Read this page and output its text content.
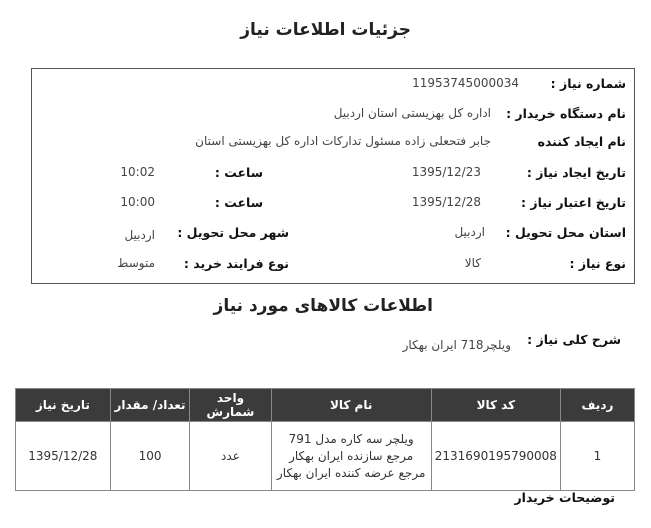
جزئیات اطلاعات نیاز
شماره نیاز :
1195374500003‌4
نام دستگاه خریدار :
اداره کل بهزیستی استان اردبیل
نام ایجاد کننده
جابر فتحعلی زاده مسئول تدارکات اداره کل بهزیستی استان
تاریخ ایجاد نیاز :
1395/12/23
ساعت :
10:02
تاریخ اعتبار نیاز :
1395/12/28
ساعت :
10:00
استان محل تحویل :
اردبیل
شهر محل تحویل :
اردبیل
نوع نیاز :
کالا
نوع فرایند خرید :
متوسط
اطلاعات کالاهای مورد نیاز
شرح کلی نیاز :
ویلچر718 ایران بهکار
ردیف	کد کالا	نام کالا	واحد شمارش	تعداد/ مقدار	تاریخ نیاز
1	2131690195790008	ویلچر سه کاره مدل 791 مرجع سازنده ایران بهکار مرجع عرضه کننده ایران بهکار	عدد	100	1395/12/28
توضیحات خریدار
